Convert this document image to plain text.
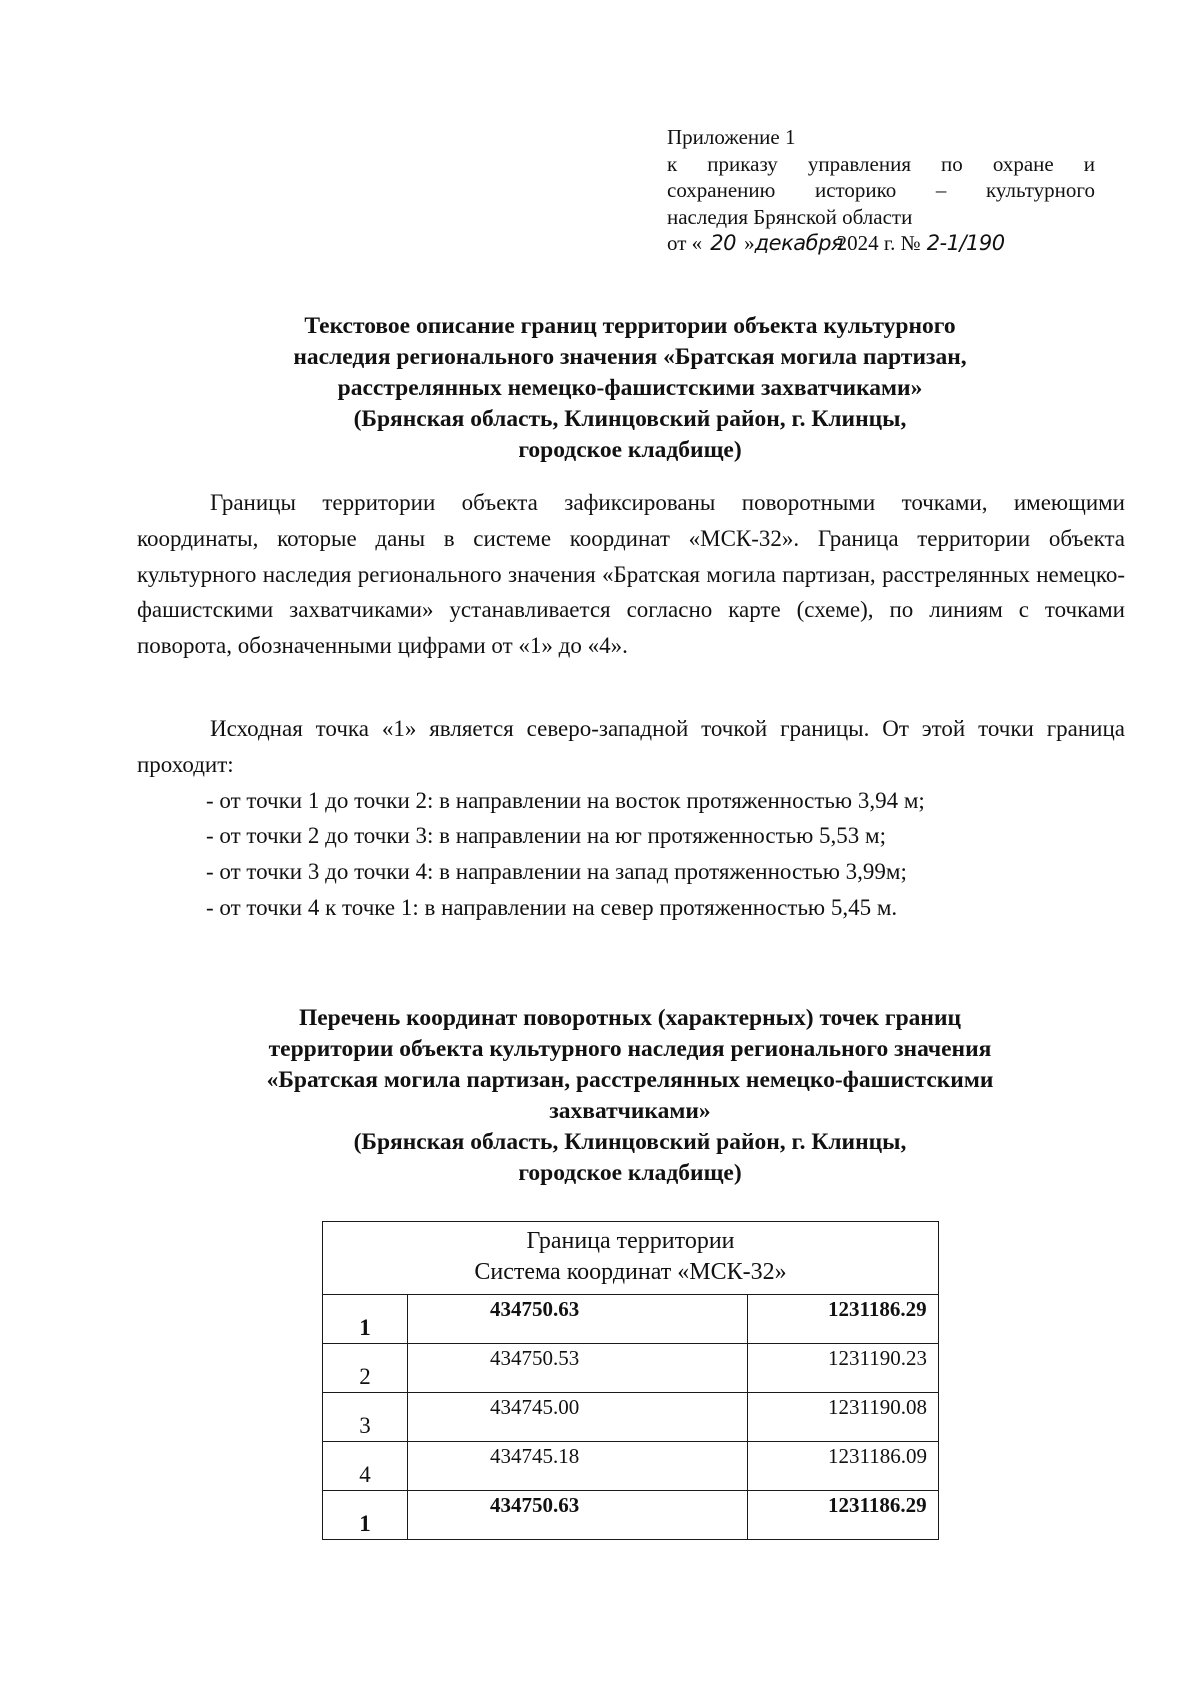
Приложение 1
к приказу управления по охране и
сохранению историко – культурного
наследия Брянской области
от « 20 » декабря
2024 г. № 2-1/190
Текстовое описание границ территории объекта культурного
наследия регионального значения «Братская могила партизан,
расстрелянных немецко-фашистскими захватчиками»
(Брянская область, Клинцовский район, г. Клинцы,
городское кладбище)

Границы территории объекта зафиксированы поворотными точками, имеющими координаты, которые даны в системе координат «МСК-32». Граница территории объекта культурного наследия регионального значения «Братская могила партизан, расстрелянных немецко-фашистскими захватчиками» устанавливается согласно карте (схеме), по линиям с точками поворота, обозначенными цифрами от «1» до «4».

Исходная точка «1» является северо-западной точкой границы. От этой точки граница проходит:

- от точки 1 до точки 2: в направлении на восток протяженностью 3,94 м;
- от точки 2 до точки 3: в направлении на юг протяженностью 5,53 м;
- от точки 3 до точки 4: в направлении на запад протяженностью 3,99м;
- от точки 4 к точке 1: в направлении на север протяженностью 5,45 м.
Перечень координат поворотных (характерных) точек границ
территории объекта культурного наследия регионального значения
«Братская могила партизан, расстрелянных немецко-фашистскими
захватчиками»
(Брянская область, Клинцовский район, г. Клинцы,
городское кладбище)
Граница территории
Система координат «МСК-32»		

1	434750.63	1231186.29
2	434750.53	1231190.23
3	434745.00	1231190.08
4	434745.18	1231186.09
1	434750.63	1231186.29
